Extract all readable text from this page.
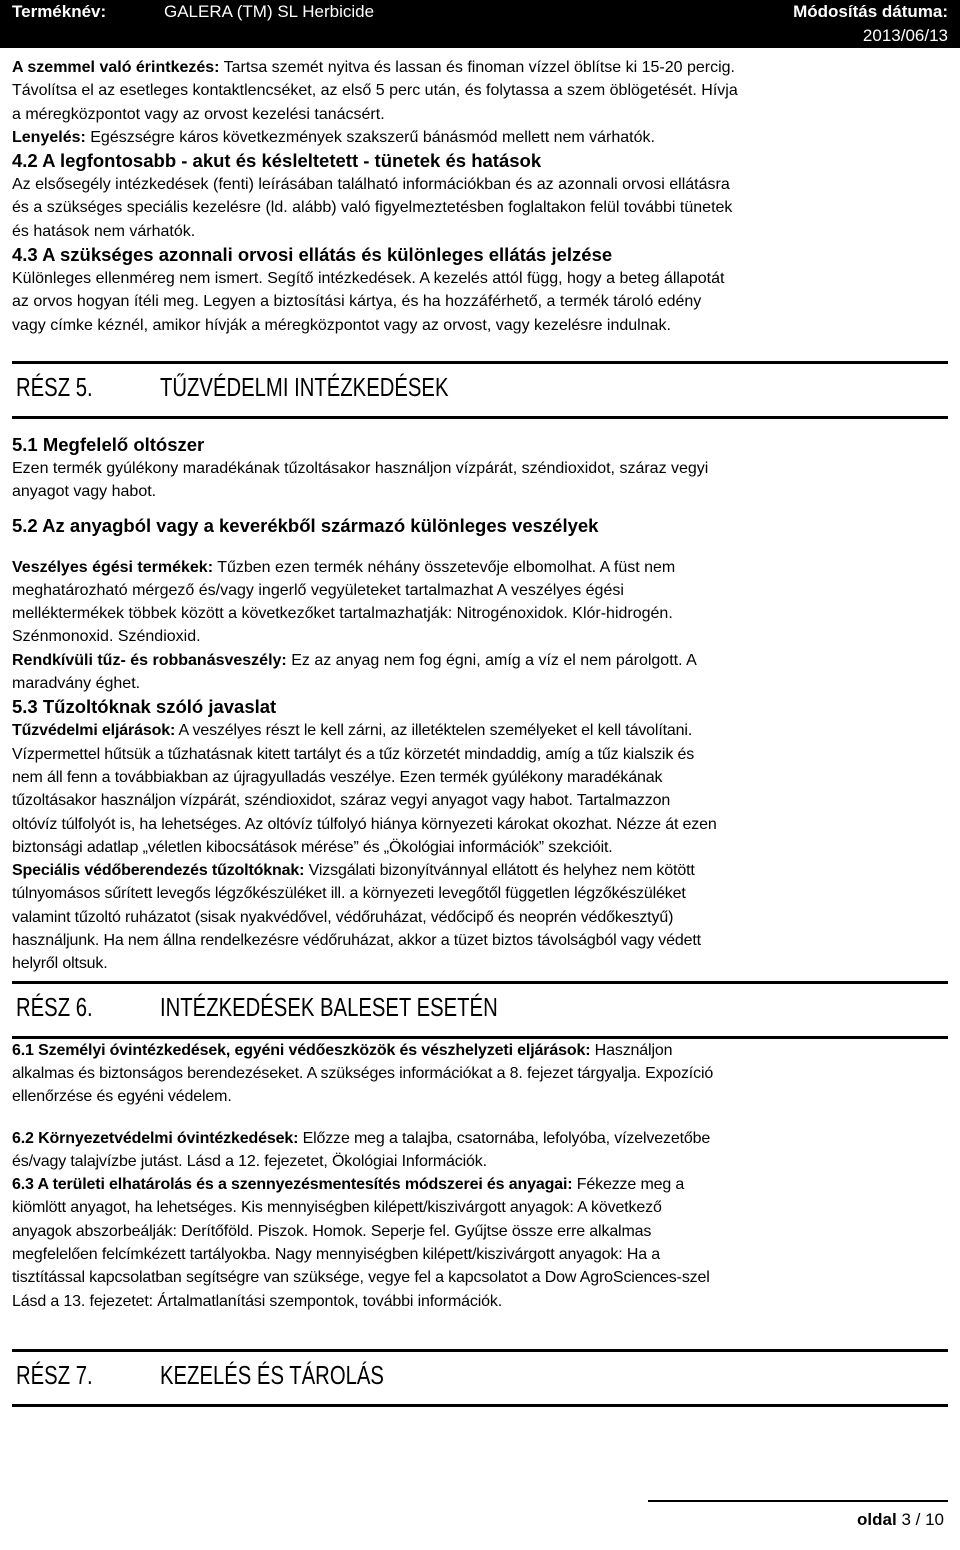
Terméknév:	GALERA (TM) SL Herbicide	Módosítás dátuma:
2013/06/13

A szemmel való érintkezés: Tartsa szemét nyitva és lassan és finoman vízzel öblítse ki 15-20 percig.

Távolítsa el az esetleges kontaktlencséket, az első 5 perc után, és folytassa a szem öblögetését. Hívja

a méregközpontot vagy az orvost kezelési tanácsért.

Lenyelés: Egészségre káros következmények szakszerű bánásmód mellett nem várhatók.

4.2 A legfontosabb - akut és késleltetett - tünetek és hatások

Az elsősegély intézkedések (fenti) leírásában található információkban és az azonnali orvosi ellátásra

és a szükséges speciális kezelésre (ld. alább) való figyelmeztetésben foglaltakon felül további tünetek

és hatások nem várhatók.

4.3 A szükséges azonnali orvosi ellátás és különleges ellátás jelzése

Különleges ellenméreg nem ismert. Segítő intézkedések. A kezelés attól függ, hogy a beteg állapotát

az orvos hogyan ítéli meg. Legyen a biztosítási kártya, és ha hozzáférhető, a termék tároló edény

vagy címke kéznél, amikor hívják a méregközpontot vagy az orvost, vagy kezelésre indulnak.

RÉSZ 5.	TŰZVÉDELMI INTÉZKEDÉSEK

5.1 Megfelelő oltószer

Ezen termék gyúlékony maradékának tűzoltásakor használjon vízpárát, széndioxidot, száraz vegyi

anyagot vagy habot.

5.2 Az anyagból vagy a keverékből származó különleges veszélyek

Veszélyes égési termékek: Tűzben ezen termék néhány összetevője elbomolhat. A füst nem

meghatározható mérgező és/vagy ingerlő vegyületeket tartalmazhat A veszélyes égési

melléktermékek többek között a következőket tartalmazhatják: Nitrogénoxidok. Klór-hidrogén.

Szénmonoxid. Széndioxid.

Rendkívüli tűz- és robbanásveszély: Ez az anyag nem fog égni, amíg a víz el nem párolgott. A

maradvány éghet.

5.3 Tűzoltóknak szóló javaslat

Tűzvédelmi eljárások: A veszélyes részt le kell zárni, az illetéktelen személyeket el kell távolítani.

Vízpermettel hűtsük a tűzhatásnak kitett tartályt és a tűz körzetét mindaddig, amíg a tűz kialszik és

nem áll fenn a továbbiakban az újragyulladás veszélye. Ezen termék gyúlékony maradékának

tűzoltásakor használjon vízpárát, széndioxidot, száraz vegyi anyagot vagy habot. Tartalmazzon

oltóvíz túlfolyót is, ha lehetséges. Az oltóvíz túlfolyó hiánya környezeti károkat okozhat. Nézze át ezen

biztonsági adatlap „véletlen kibocsátások mérése” és „Ökológiai információk” szekcióit.

Speciális védőberendezés tűzoltóknak: Vizsgálati bizonyítvánnyal ellátott és helyhez nem kötött

túlnyomásos sűrített levegős légzőkészüléket ill. a környezeti levegőtől független légzőkészüléket

valamint tűzoltó ruházatot (sisak nyakvédővel, védőruházat, védőcipő és neoprén védőkesztyű)

használjunk. Ha nem állna rendelkezésre védőruházat, akkor a tüzet biztos távolságból vagy védett

helyről oltsuk.

RÉSZ 6.	INTÉZKEDÉSEK BALESET ESETÉN

6.1 Személyi óvintézkedések, egyéni védőeszközök és vészhelyzeti eljárások: Használjon

alkalmas és biztonságos berendezéseket. A szükséges információkat a 8. fejezet tárgyalja. Expozíció

ellenőrzése és egyéni védelem.

6.2 Környezetvédelmi óvintézkedések: Előzze meg a talajba, csatornába, lefolyóba, vízelvezetőbe

és/vagy talajvízbe jutást. Lásd a 12. fejezetet, Ökológiai Információk.

6.3 A területi elhatárolás és a szennyezésmentesítés módszerei és anyagai: Fékezze meg a

kiömlött anyagot, ha lehetséges. Kis mennyiségben kilépett/kiszivárgott anyagok: A következő

anyagok abszorbeálják: Derítőföld. Piszok. Homok. Seperje fel. Gyűjtse össze erre alkalmas

megfelelően felcímkézett tartályokba. Nagy mennyiségben kilépett/kiszivárgott anyagok: Ha a

tisztítással kapcsolatban segítségre van szüksége, vegye fel a kapcsolatot a Dow AgroSciences-szel

Lásd a 13. fejezetet: Ártalmatlanítási szempontok, további információk.

RÉSZ 7.	KEZELÉS ÉS TÁROLÁS
oldal 3 / 10
